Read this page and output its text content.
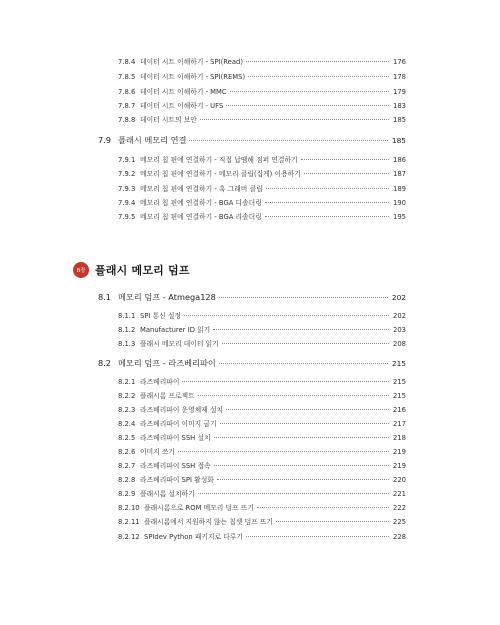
7.8.4 데이터 시트 이해하기 - SPI(Read)	176
7.8.5 데이터 시트 이해하기 - SPI(REMS)	178
7.8.6 데이터 시트 이해하기 - MMC	179
7.8.7 데이터 시트 이해하기 - UFS	183
7.8.8 데이터 시트의 보안	185
7.9 플래시 메모리 연결	185
7.9.1 메모리 칩 핀에 연결하기 - 직접 납땜해 점퍼 연결하기	186
7.9.2 메모리 칩 핀에 연결하기 - 메모리 클립(집게) 이용하기	187
7.9.3 메모리 칩 핀에 연결하기 - 훅 그래버 클립	189
7.9.4 메모리 칩 핀에 연결하기 - BGA 디솔더링	190
7.9.5 메모리 칩 핀에 연결하기 - BGA 리솔더링	195
8장 플래시 메모리 덤프
8.1 메모리 덤프 - Atmega128	202
8.1.1 SPI 통신 설정	202
8.1.2 Manufacturer ID 읽기	203
8.1.3 플래시 메모리 데이터 읽기	208
8.2 메모리 덤프 - 라즈베리파이	215
8.2.1 라즈베리파이	215
8.2.2 플래시롬 프로젝트	215
8.2.3 라즈베리파이 운영체제 설치	216
8.2.4 라즈베리파이 이미지 굽기	217
8.2.5 라즈베리파이 SSH 설치	218
8.2.6 이미지 쓰기	219
8.2.7 라즈베리파이 SSH 접속	219
8.2.8 라즈베리파이 SPI 활성화	220
8.2.9 플래시롬 설치하기	221
8.2.10 플래시롬으로 ROM 메모리 덤프 뜨기	222
8.2.11 플래시롬에서 지원하지 않는 칩셋 덤프 뜨기	225
8.2.12 SPIdev Python 패키지로 다루기	228
